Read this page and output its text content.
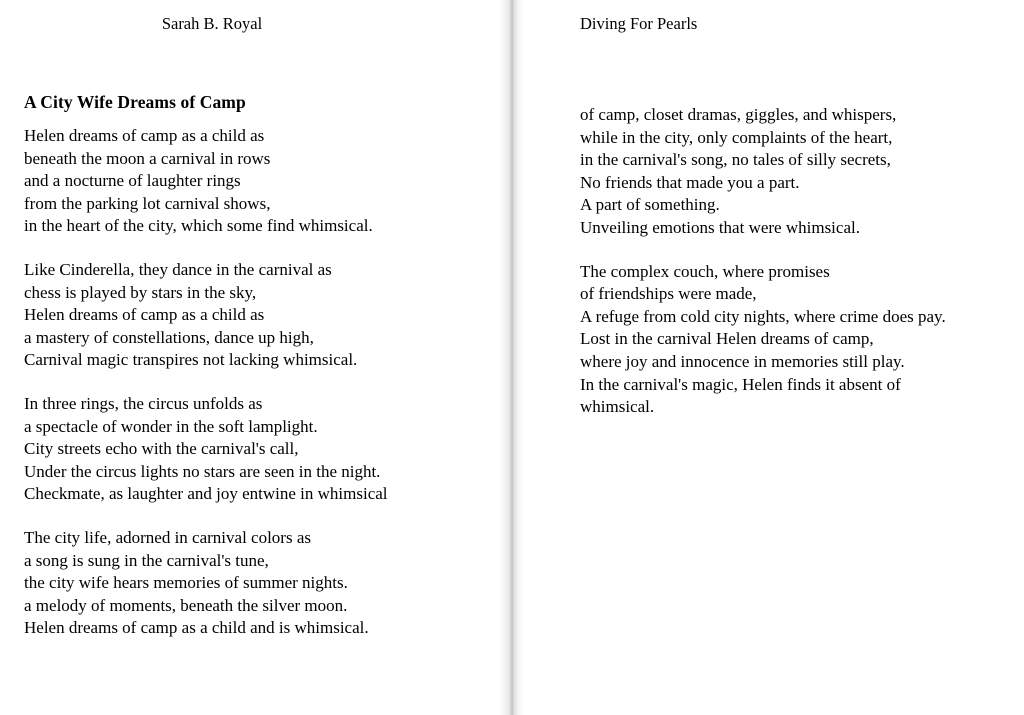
Sarah B. Royal
A City Wife Dreams of Camp
Helen dreams of camp as a child as
beneath the moon a carnival in rows
and a nocturne of laughter rings
from the parking lot carnival shows,
in the heart of the city, which some find whimsical.
Like Cinderella, they dance in the carnival as
chess is played by stars in the sky,
Helen dreams of camp as a child as
a mastery of constellations, dance up high,
Carnival magic transpires not lacking whimsical.
In three rings, the circus unfolds as
a spectacle of wonder in the soft lamplight.
City streets echo with the carnival's call,
Under the circus lights no stars are seen in the night.
Checkmate, as laughter and joy entwine in whimsical
The city life, adorned in carnival colors as
a song is sung in the carnival's tune,
the city wife hears memories of summer nights.
a melody of moments, beneath the silver moon.
Helen dreams of camp as a child and is whimsical.
Diving For Pearls
of camp, closet dramas, giggles, and whispers,
while in the city, only complaints of the heart,
in the carnival's song, no tales of silly secrets,
No friends that made you a part.
A part of something.
Unveiling emotions that were whimsical.
The complex couch, where promises
of friendships were made,
A refuge from cold city nights, where crime does pay.
Lost in the carnival Helen dreams of camp,
where joy and innocence in memories still play.
In the carnival's magic, Helen finds it absent of
whimsical.
